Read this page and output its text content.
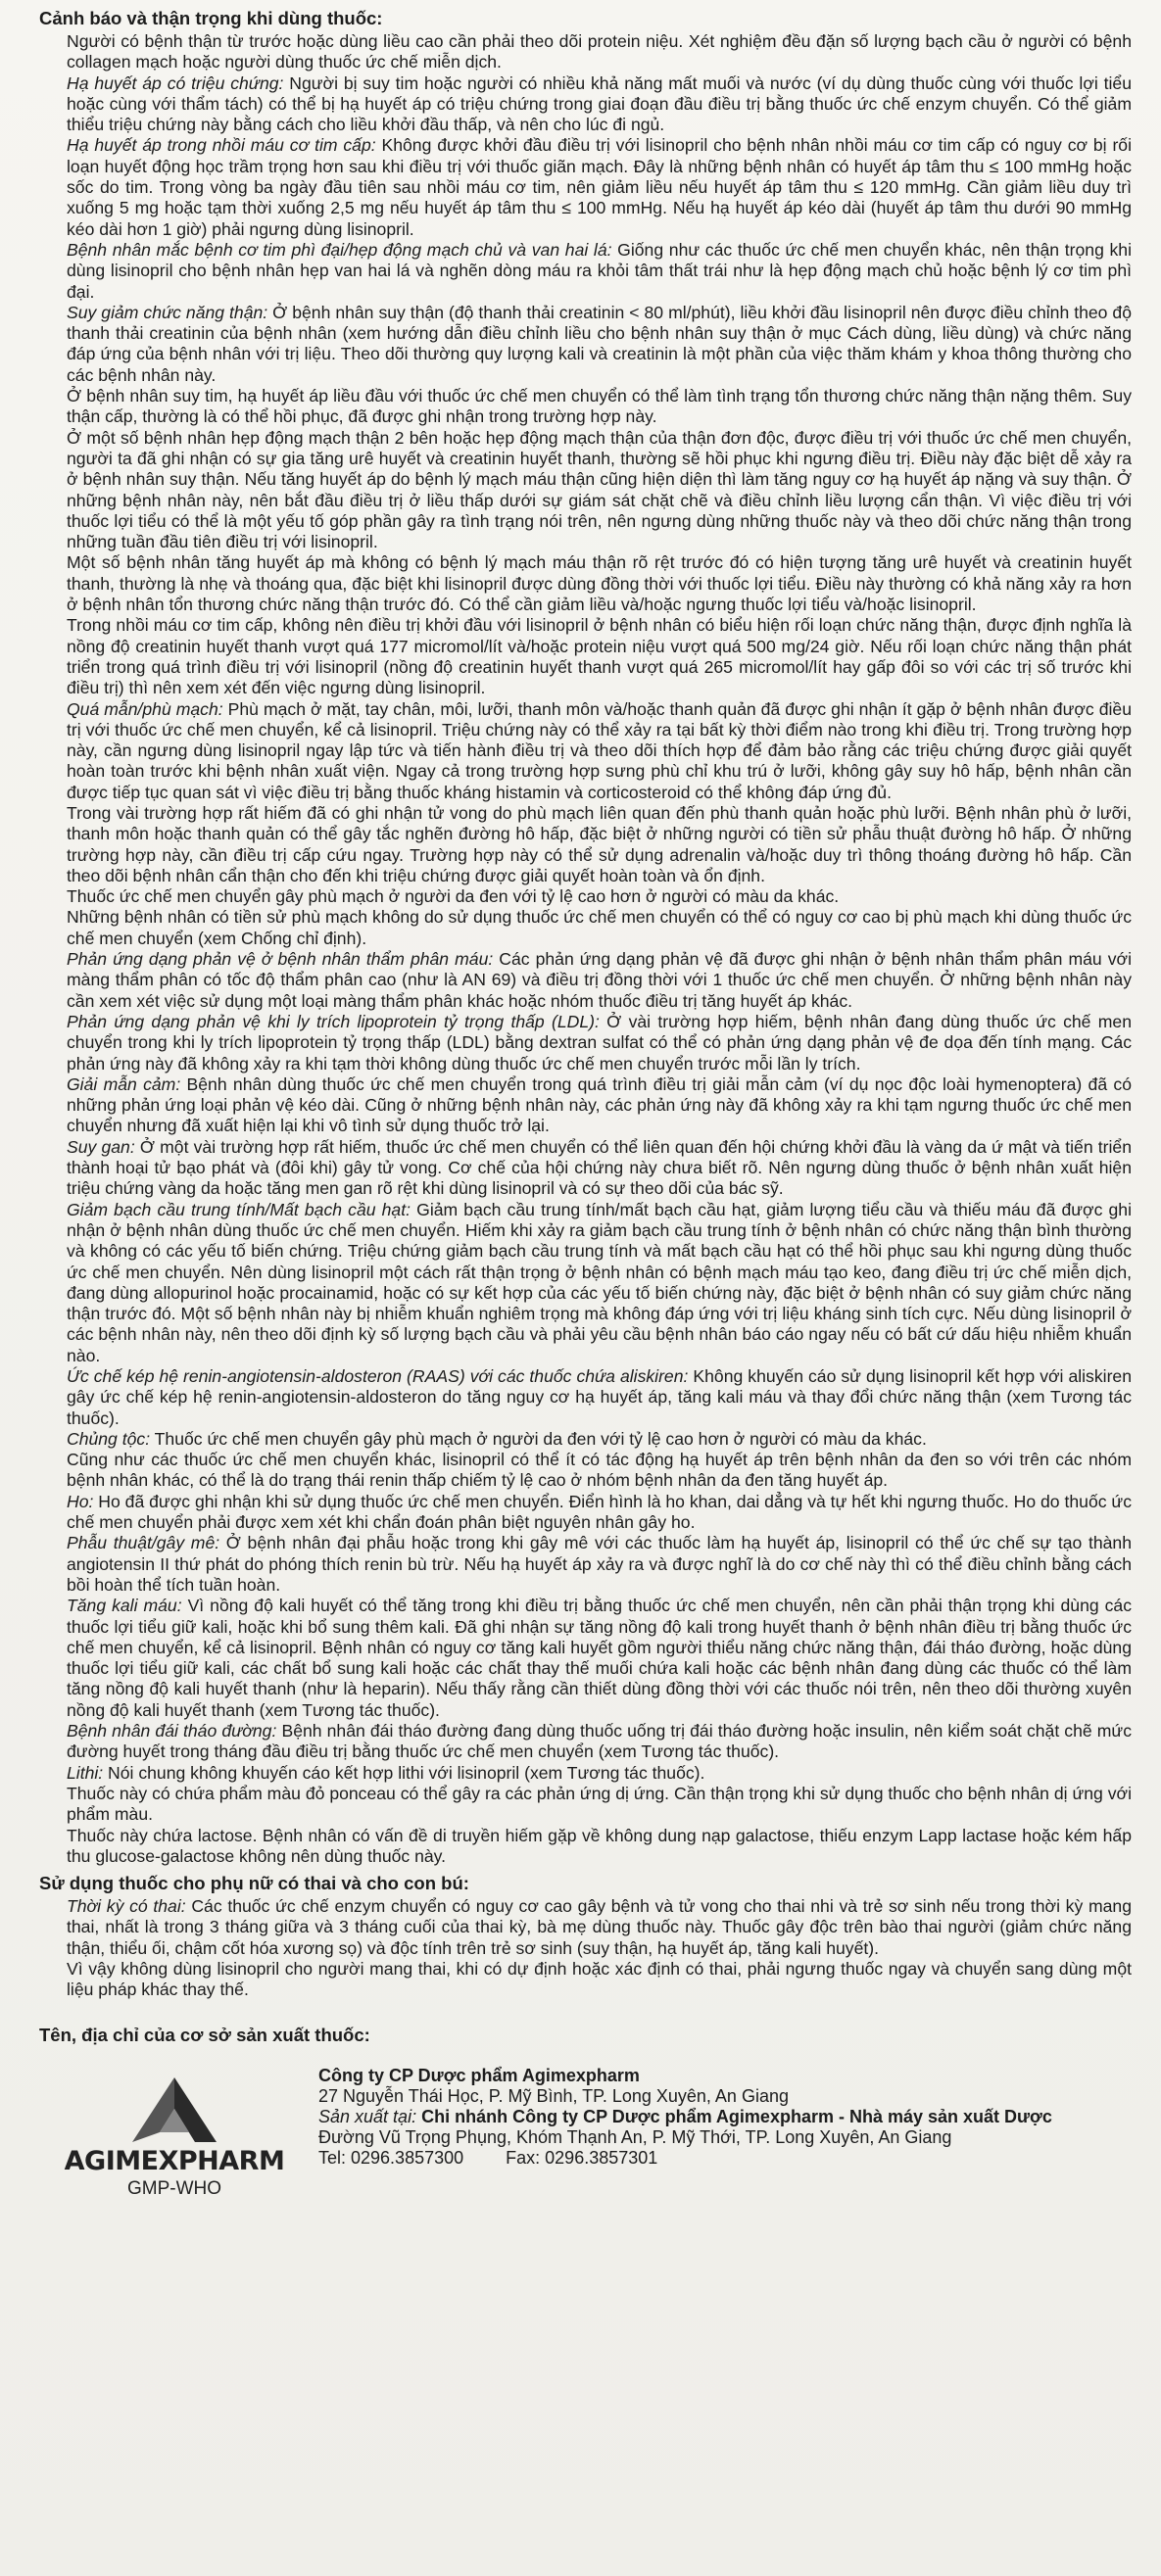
Cảnh báo và thận trọng khi dùng thuốc:

Người có bệnh thận từ trước hoặc dùng liều cao cần phải theo dõi protein niệu. Xét nghiệm đều đặn số lượng bạch cầu ở người có bệnh collagen mạch hoặc người dùng thuốc ức chế miễn dịch.

Hạ huyết áp có triệu chứng: Người bị suy tim hoặc người có nhiều khả năng mất muối và nước (ví dụ dùng thuốc cùng với thuốc lợi tiểu hoặc cùng với thẩm tách) có thể bị hạ huyết áp có triệu chứng trong giai đoạn đầu điều trị bằng thuốc ức chế enzym chuyển. Có thể giảm thiểu triệu chứng này bằng cách cho liều khởi đầu thấp, và nên cho lúc đi ngủ.

Hạ huyết áp trong nhồi máu cơ tim cấp: Không được khởi đầu điều trị với lisinopril cho bệnh nhân nhồi máu cơ tim cấp có nguy cơ bị rối loạn huyết động học trầm trọng hơn sau khi điều trị với thuốc giãn mạch. Đây là những bệnh nhân có huyết áp tâm thu ≤ 100 mmHg hoặc sốc do tim. Trong vòng ba ngày đầu tiên sau nhồi máu cơ tim, nên giảm liều nếu huyết áp tâm thu ≤ 120 mmHg. Cần giảm liều duy trì xuống 5 mg hoặc tạm thời xuống 2,5 mg nếu huyết áp tâm thu ≤ 100 mmHg. Nếu hạ huyết áp kéo dài (huyết áp tâm thu dưới 90 mmHg kéo dài hơn 1 giờ) phải ngưng dùng lisinopril.

Bệnh nhân mắc bệnh cơ tim phì đại/hẹp động mạch chủ và van hai lá: Giống như các thuốc ức chế men chuyển khác, nên thận trọng khi dùng lisinopril cho bệnh nhân hẹp van hai lá và nghẽn dòng máu ra khỏi tâm thất trái như là hẹp động mạch chủ hoặc bệnh lý cơ tim phì đại.

Suy giảm chức năng thận: Ở bệnh nhân suy thận (độ thanh thải creatinin < 80 ml/phút), liều khởi đầu lisinopril nên được điều chỉnh theo độ thanh thải creatinin của bệnh nhân (xem hướng dẫn điều chỉnh liều cho bệnh nhân suy thận ở mục Cách dùng, liều dùng) và chức năng đáp ứng của bệnh nhân với trị liệu. Theo dõi thường quy lượng kali và creatinin là một phần của việc thăm khám y khoa thông thường cho các bệnh nhân này.

Ở bệnh nhân suy tim, hạ huyết áp liều đầu với thuốc ức chế men chuyển có thể làm tình trạng tổn thương chức năng thận nặng thêm. Suy thận cấp, thường là có thể hồi phục, đã được ghi nhận trong trường hợp này.

Ở một số bệnh nhân hẹp động mạch thận 2 bên hoặc hẹp động mạch thận của thận đơn độc, được điều trị với thuốc ức chế men chuyển, người ta đã ghi nhận có sự gia tăng urê huyết và creatinin huyết thanh, thường sẽ hồi phục khi ngưng điều trị. Điều này đặc biệt dễ xảy ra ở bệnh nhân suy thận. Nếu tăng huyết áp do bệnh lý mạch máu thận cũng hiện diện thì làm tăng nguy cơ hạ huyết áp nặng và suy thận. Ở những bệnh nhân này, nên bắt đầu điều trị ở liều thấp dưới sự giám sát chặt chẽ và điều chỉnh liều lượng cẩn thận. Vì việc điều trị với thuốc lợi tiểu có thể là một yếu tố góp phần gây ra tình trạng nói trên, nên ngưng dùng những thuốc này và theo dõi chức năng thận trong những tuần đầu tiên điều trị với lisinopril.

Một số bệnh nhân tăng huyết áp mà không có bệnh lý mạch máu thận rõ rệt trước đó có hiện tượng tăng urê huyết và creatinin huyết thanh, thường là nhẹ và thoáng qua, đặc biệt khi lisinopril được dùng đồng thời với thuốc lợi tiểu. Điều này thường có khả năng xảy ra hơn ở bệnh nhân tổn thương chức năng thận trước đó. Có thể cần giảm liều và/hoặc ngưng thuốc lợi tiểu và/hoặc lisinopril.

Trong nhồi máu cơ tim cấp, không nên điều trị khởi đầu với lisinopril ở bệnh nhân có biểu hiện rối loạn chức năng thận, được định nghĩa là nồng độ creatinin huyết thanh vượt quá 177 micromol/lít và/hoặc protein niệu vượt quá 500 mg/24 giờ. Nếu rối loạn chức năng thận phát triển trong quá trình điều trị với lisinopril (nồng độ creatinin huyết thanh vượt quá 265 micromol/lít hay gấp đôi so với các trị số trước khi điều trị) thì nên xem xét đến việc ngưng dùng lisinopril.

Quá mẫn/phù mạch: Phù mạch ở mặt, tay chân, môi, lưỡi, thanh môn và/hoặc thanh quản đã được ghi nhận ít gặp ở bệnh nhân được điều trị với thuốc ức chế men chuyển, kể cả lisinopril. Triệu chứng này có thể xảy ra tại bất kỳ thời điểm nào trong khi điều trị. Trong trường hợp này, cần ngưng dùng lisinopril ngay lập tức và tiến hành điều trị và theo dõi thích hợp để đảm bảo rằng các triệu chứng được giải quyết hoàn toàn trước khi bệnh nhân xuất viện. Ngay cả trong trường hợp sưng phù chỉ khu trú ở lưỡi, không gây suy hô hấp, bệnh nhân cần được tiếp tục quan sát vì việc điều trị bằng thuốc kháng histamin và corticosteroid có thể không đáp ứng đủ.

Trong vài trường hợp rất hiếm đã có ghi nhận tử vong do phù mạch liên quan đến phù thanh quản hoặc phù lưỡi. Bệnh nhân phù ở lưỡi, thanh môn hoặc thanh quản có thể gây tắc nghẽn đường hô hấp, đặc biệt ở những người có tiền sử phẫu thuật đường hô hấp. Ở những trường hợp này, cần điều trị cấp cứu ngay. Trường hợp này có thể sử dụng adrenalin và/hoặc duy trì thông thoáng đường hô hấp. Cần theo dõi bệnh nhân cẩn thận cho đến khi triệu chứng được giải quyết hoàn toàn và ổn định.

Thuốc ức chế men chuyển gây phù mạch ở người da đen với tỷ lệ cao hơn ở người có màu da khác.

Những bệnh nhân có tiền sử phù mạch không do sử dụng thuốc ức chế men chuyển có thể có nguy cơ cao bị phù mạch khi dùng thuốc ức chế men chuyển (xem Chống chỉ định).

Phản ứng dạng phản vệ ở bệnh nhân thẩm phân máu: Các phản ứng dạng phản vệ đã được ghi nhận ở bệnh nhân thẩm phân máu với màng thẩm phân có tốc độ thẩm phân cao (như là AN 69) và điều trị đồng thời với 1 thuốc ức chế men chuyển. Ở những bệnh nhân này cần xem xét việc sử dụng một loại màng thẩm phân khác hoặc nhóm thuốc điều trị tăng huyết áp khác.

Phản ứng dạng phản vệ khi ly trích lipoprotein tỷ trọng thấp (LDL): Ở vài trường hợp hiếm, bệnh nhân đang dùng thuốc ức chế men chuyển trong khi ly trích lipoprotein tỷ trọng thấp (LDL) bằng dextran sulfat có thể có phản ứng dạng phản vệ đe dọa đến tính mạng. Các phản ứng này đã không xảy ra khi tạm thời không dùng thuốc ức chế men chuyển trước mỗi lần ly trích.

Giải mẫn cảm: Bệnh nhân dùng thuốc ức chế men chuyển trong quá trình điều trị giải mẫn cảm (ví dụ nọc độc loài hymenoptera) đã có những phản ứng loại phản vệ kéo dài. Cũng ở những bệnh nhân này, các phản ứng này đã không xảy ra khi tạm ngưng thuốc ức chế men chuyển nhưng đã xuất hiện lại khi vô tình sử dụng thuốc trở lại.

Suy gan: Ở một vài trường hợp rất hiếm, thuốc ức chế men chuyển có thể liên quan đến hội chứng khởi đầu là vàng da ứ mật và tiến triển thành hoại tử bạo phát và (đôi khi) gây tử vong. Cơ chế của hội chứng này chưa biết rõ. Nên ngưng dùng thuốc ở bệnh nhân xuất hiện triệu chứng vàng da hoặc tăng men gan rõ rệt khi dùng lisinopril và có sự theo dõi của bác sỹ.

Giảm bạch cầu trung tính/Mất bạch cầu hạt: Giảm bạch cầu trung tính/mất bạch cầu hạt, giảm lượng tiểu cầu và thiếu máu đã được ghi nhận ở bệnh nhân dùng thuốc ức chế men chuyển. Hiếm khi xảy ra giảm bạch cầu trung tính ở bệnh nhân có chức năng thận bình thường và không có các yếu tố biến chứng. Triệu chứng giảm bạch cầu trung tính và mất bạch cầu hạt có thể hồi phục sau khi ngưng dùng thuốc ức chế men chuyển. Nên dùng lisinopril một cách rất thận trọng ở bệnh nhân có bệnh mạch máu tạo keo, đang điều trị ức chế miễn dịch, đang dùng allopurinol hoặc procainamid, hoặc có sự kết hợp của các yếu tố biến chứng này, đặc biệt ở bệnh nhân có suy giảm chức năng thận trước đó. Một số bệnh nhân này bị nhiễm khuẩn nghiêm trọng mà không đáp ứng với trị liệu kháng sinh tích cực. Nếu dùng lisinopril ở các bệnh nhân này, nên theo dõi định kỳ số lượng bạch cầu và phải yêu cầu bệnh nhân báo cáo ngay nếu có bất cứ dấu hiệu nhiễm khuẩn nào.

Ức chế kép hệ renin-angiotensin-aldosteron (RAAS) với các thuốc chứa aliskiren: Không khuyến cáo sử dụng lisinopril kết hợp với aliskiren gây ức chế kép hệ renin-angiotensin-aldosteron do tăng nguy cơ hạ huyết áp, tăng kali máu và thay đổi chức năng thận (xem Tương tác thuốc).

Chủng tộc: Thuốc ức chế men chuyển gây phù mạch ở người da đen với tỷ lệ cao hơn ở người có màu da khác.

Cũng như các thuốc ức chế men chuyển khác, lisinopril có thể ít có tác động hạ huyết áp trên bệnh nhân da đen so với trên các nhóm bệnh nhân khác, có thể là do trạng thái renin thấp chiếm tỷ lệ cao ở nhóm bệnh nhân da đen tăng huyết áp.

Ho: Ho đã được ghi nhận khi sử dụng thuốc ức chế men chuyển. Điển hình là ho khan, dai dẳng và tự hết khi ngưng thuốc. Ho do thuốc ức chế men chuyển phải được xem xét khi chẩn đoán phân biệt nguyên nhân gây ho.

Phẫu thuật/gây mê: Ở bệnh nhân đại phẫu hoặc trong khi gây mê với các thuốc làm hạ huyết áp, lisinopril có thể ức chế sự tạo thành angiotensin II thứ phát do phóng thích renin bù trừ. Nếu hạ huyết áp xảy ra và được nghĩ là do cơ chế này thì có thể điều chỉnh bằng cách bồi hoàn thể tích tuần hoàn.

Tăng kali máu: Vì nồng độ kali huyết có thể tăng trong khi điều trị bằng thuốc ức chế men chuyển, nên cần phải thận trọng khi dùng các thuốc lợi tiểu giữ kali, hoặc khi bổ sung thêm kali. Đã ghi nhận sự tăng nồng độ kali trong huyết thanh ở bệnh nhân điều trị bằng thuốc ức chế men chuyển, kể cả lisinopril. Bệnh nhân có nguy cơ tăng kali huyết gồm người thiểu năng chức năng thận, đái tháo đường, hoặc dùng thuốc lợi tiểu giữ kali, các chất bổ sung kali hoặc các chất thay thế muối chứa kali hoặc các bệnh nhân đang dùng các thuốc có thể làm tăng nồng độ kali huyết thanh (như là heparin). Nếu thấy rằng cần thiết dùng đồng thời với các thuốc nói trên, nên theo dõi thường xuyên nồng độ kali huyết thanh (xem Tương tác thuốc).

Bệnh nhân đái tháo đường: Bệnh nhân đái tháo đường đang dùng thuốc uống trị đái tháo đường hoặc insulin, nên kiểm soát chặt chẽ mức đường huyết trong tháng đầu điều trị bằng thuốc ức chế men chuyển (xem Tương tác thuốc).

Lithi: Nói chung không khuyến cáo kết hợp lithi với lisinopril (xem Tương tác thuốc).

Thuốc này có chứa phẩm màu đỏ ponceau có thể gây ra các phản ứng dị ứng. Cần thận trọng khi sử dụng thuốc cho bệnh nhân dị ứng với phẩm màu.

Thuốc này chứa lactose. Bệnh nhân có vấn đề di truyền hiếm gặp về không dung nạp galactose, thiếu enzym Lapp lactase hoặc kém hấp thu glucose-galactose không nên dùng thuốc này.

Sử dụng thuốc cho phụ nữ có thai và cho con bú:

Thời kỳ có thai: Các thuốc ức chế enzym chuyển có nguy cơ cao gây bệnh và tử vong cho thai nhi và trẻ sơ sinh nếu trong thời kỳ mang thai, nhất là trong 3 tháng giữa và 3 tháng cuối của thai kỳ, bà mẹ dùng thuốc này. Thuốc gây độc trên bào thai người (giảm chức năng thận, thiểu ối, chậm cốt hóa xương sọ) và độc tính trên trẻ sơ sinh (suy thận, hạ huyết áp, tăng kali huyết).

Vì vậy không dùng lisinopril cho người mang thai, khi có dự định hoặc xác định có thai, phải ngưng thuốc ngay và chuyển sang dùng một liệu pháp khác thay thế.

Tên, địa chỉ của cơ sở sản xuất thuốc:
AGIMEXPHARM
GMP-WHO
Công ty CP Dược phẩm Agimexpharm
27 Nguyễn Thái Học, P. Mỹ Bình, TP. Long Xuyên, An Giang
Sản xuất tại: Chi nhánh Công ty CP Dược phẩm Agimexpharm - Nhà máy sản xuất Dược
Đường Vũ Trọng Phụng, Khóm Thạnh An, P. Mỹ Thới, TP. Long Xuyên, An Giang
Tel: 0296.3857300 Fax: 0296.3857301
